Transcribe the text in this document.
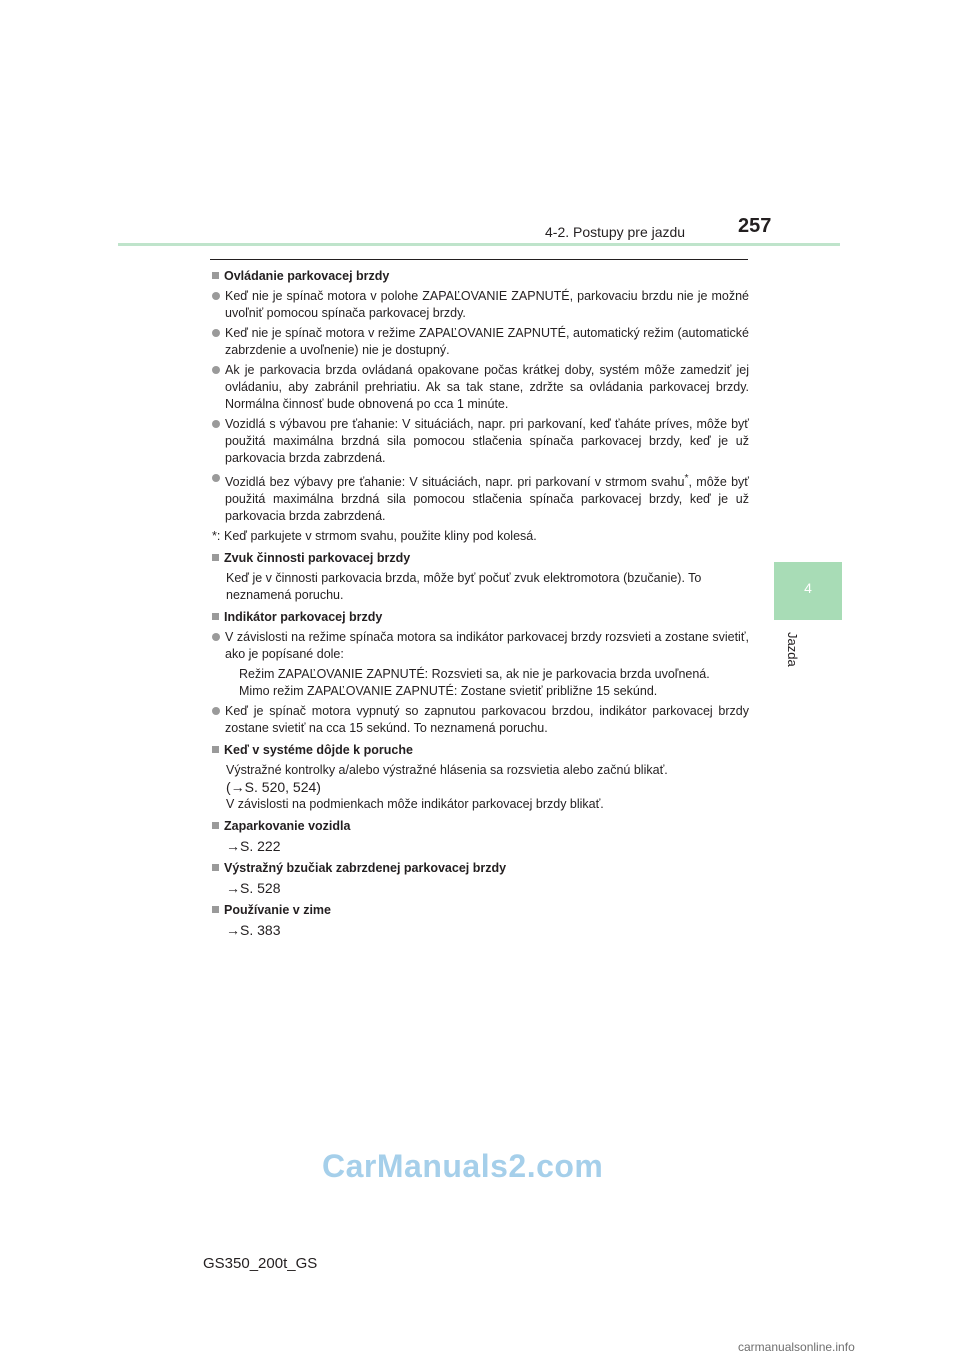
4-2. Postupy pre jazdu	257
4
Jazda
Ovládanie parkovacej brzdy
Keď nie je spínač motora v polohe ZAPAĽOVANIE ZAPNUTÉ, parkovaciu brzdu nie je možné uvoľniť pomocou spínača parkovacej brzdy.
Keď nie je spínač motora v režime ZAPAĽOVANIE ZAPNUTÉ, automatický režim (automatické zabrzdenie a uvoľnenie) nie je dostupný.
Ak je parkovacia brzda ovládaná opakovane počas krátkej doby, systém môže zamedziť jej ovládaniu, aby zabránil prehriatiu. Ak sa tak stane, zdržte sa ovládania parkovacej brzdy. Normálna činnosť bude obnovená po cca 1 minúte.
Vozidlá s výbavou pre ťahanie: V situáciách, napr. pri parkovaní, keď ťaháte príves, môže byť použitá maximálna brzdná sila pomocou stlačenia spínača parkovacej brzdy, keď je už parkovacia brzda zabrzdená.
Vozidlá bez výbavy pre ťahanie: V situáciách, napr. pri parkovaní v strmom svahu*, môže byť použitá maximálna brzdná sila pomocou stlačenia spínača parkovacej brzdy, keď je už parkovacia brzda zabrzdená.
*: Keď parkujete v strmom svahu, použite kliny pod kolesá.
Zvuk činnosti parkovacej brzdy
Keď je v činnosti parkovacia brzda, môže byť počuť zvuk elektromotora (bzučanie). To neznamená poruchu.
Indikátor parkovacej brzdy
V závislosti na režime spínača motora sa indikátor parkovacej brzdy rozsvieti a zostane svietiť, ako je popísané dole:
Režim ZAPAĽOVANIE ZAPNUTÉ: Rozsvieti sa, ak nie je parkovacia brzda uvoľnená.
Mimo režim ZAPAĽOVANIE ZAPNUTÉ: Zostane svietiť približne 15 sekúnd.
Keď je spínač motora vypnutý so zapnutou parkovacou brzdou, indikátor parkovacej brzdy zostane svietiť na cca 15 sekúnd. To neznamená poruchu.
Keď v systéme dôjde k poruche
Výstražné kontrolky a/alebo výstražné hlásenia sa rozsvietia alebo začnú blikať.
(→S. 520, 524)
V závislosti na podmienkach môže indikátor parkovacej brzdy blikať.
Zaparkovanie vozidla
→S. 222
Výstražný bzučiak zabrzdenej parkovacej brzdy
→S. 528
Používanie v zime
→S. 383
CarManuals2.com
GS350_200t_GS
carmanualsonline.info
